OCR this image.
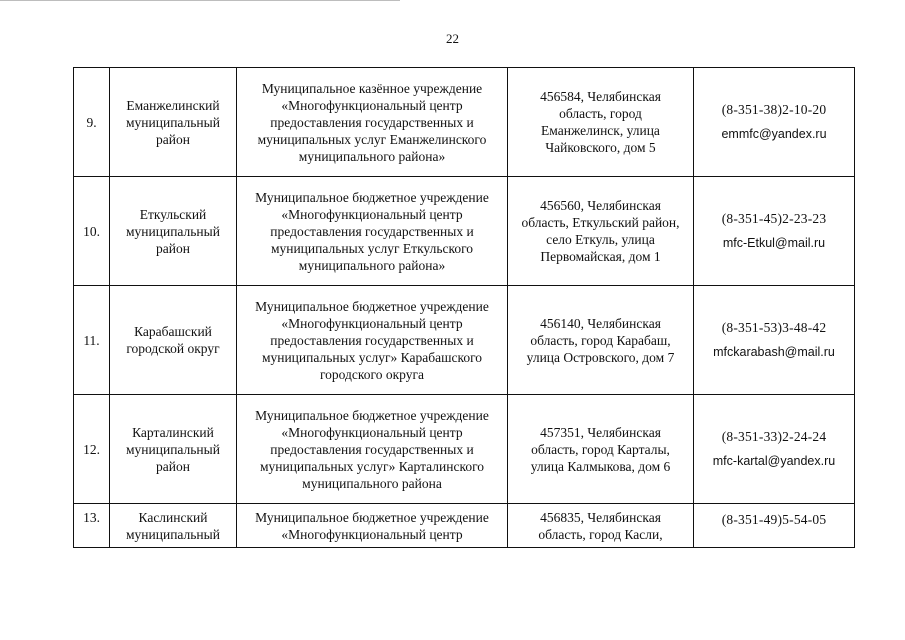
22
9.	Еманжелинский
муниципальный
район	Муниципальное казённое учреждение
«Многофункциональный центр
предоставления государственных и
муниципальных услуг Еманжелинского
муниципального района»	456584, Челябинская
область, город
Еманжелинск, улица
Чайковского, дом 5	(8-351-38)2-10-20
emmfc@yandex.ru

10.	Еткульский
муниципальный
район	Муниципальное бюджетное учреждение
«Многофункциональный центр
предоставления государственных и
муниципальных услуг Еткульского
муниципального района»	456560, Челябинская
область, Еткульский район,
село Еткуль, улица
Первомайская, дом 1	(8-351-45)2-23-23
mfc-Etkul@mail.ru

11.	Карабашский
городской округ	Муниципальное бюджетное учреждение
«Многофункциональный центр
предоставления государственных и
муниципальных услуг» Карабашского
городского округа	456140, Челябинская
область, город Карабаш,
улица Островского, дом 7	(8-351-53)3-48-42
mfckarabash@mail.ru

12.	Карталинский
муниципальный
район	Муниципальное бюджетное учреждение
«Многофункциональный центр
предоставления государственных и
муниципальных услуг» Карталинского
муниципального района	457351, Челябинская
область, город Карталы,
улица Калмыкова, дом 6	(8-351-33)2-24-24
mfc-kartal@yandex.ru

13.	Каслинский
муниципальный	Муниципальное бюджетное учреждение
«Многофункциональный центр	456835, Челябинская
область, город Касли,	(8-351-49)5-54-05
